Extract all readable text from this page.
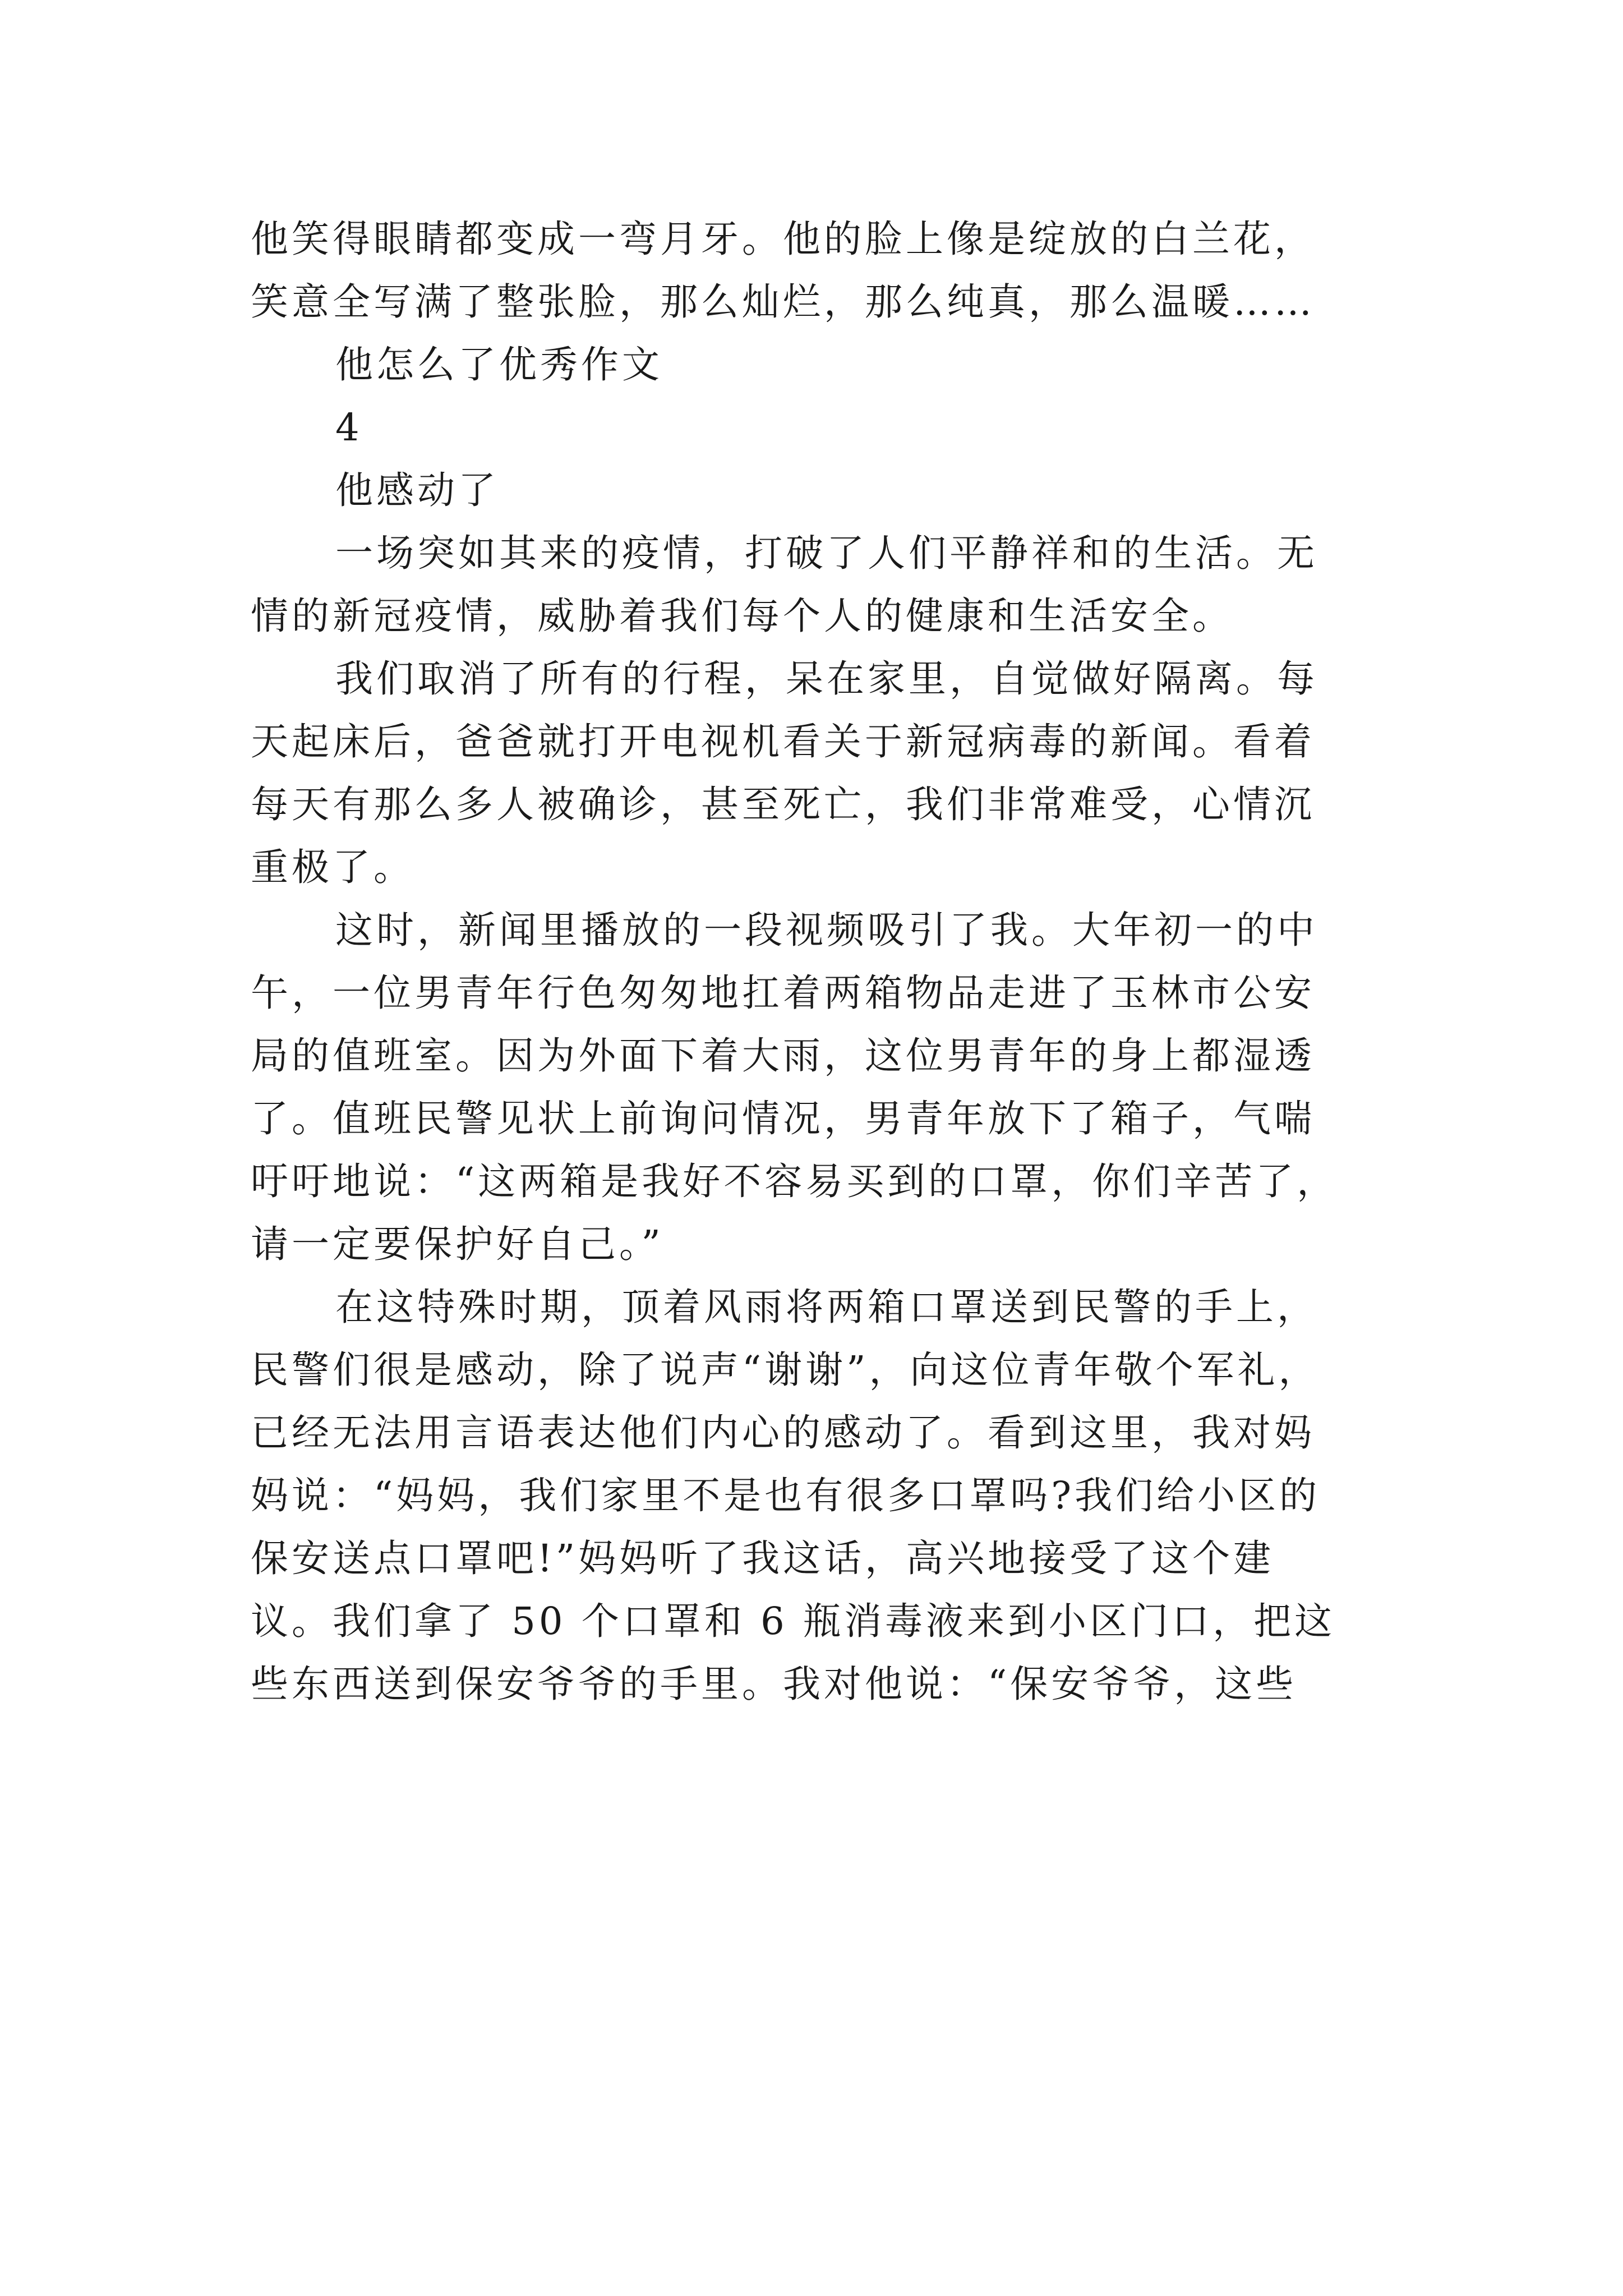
他笑得眼睛都变成一弯月牙。他的脸上像是绽放的白兰花，
笑意全写满了整张脸，那么灿烂，那么纯真，那么温暖……
他怎么了优秀作文
4
他感动了
一场突如其来的疫情，打破了人们平静祥和的生活。无
情的新冠疫情，威胁着我们每个人的健康和生活安全。
我们取消了所有的行程，呆在家里，自觉做好隔离。每
天起床后，爸爸就打开电视机看关于新冠病毒的新闻。看着
每天有那么多人被确诊，甚至死亡，我们非常难受，心情沉
重极了。
这时，新闻里播放的一段视频吸引了我。大年初一的中
午，一位男青年行色匆匆地扛着两箱物品走进了玉林市公安
局的值班室。因为外面下着大雨，这位男青年的身上都湿透
了。值班民警见状上前询问情况，男青年放下了箱子，气喘
吁吁地说：“这两箱是我好不容易买到的口罩，你们辛苦了，
请一定要保护好自己。”
在这特殊时期，顶着风雨将两箱口罩送到民警的手上，
民警们很是感动，除了说声“谢谢”，向这位青年敬个军礼，
已经无法用言语表达他们内心的感动了。看到这里，我对妈
妈说：“妈妈，我们家里不是也有很多口罩吗?我们给小区的
保安送点口罩吧!”妈妈听了我这话，高兴地接受了这个建
议。我们拿了 50 个口罩和 6 瓶消毒液来到小区门口，把这
些东西送到保安爷爷的手里。我对他说：“保安爷爷，这些
